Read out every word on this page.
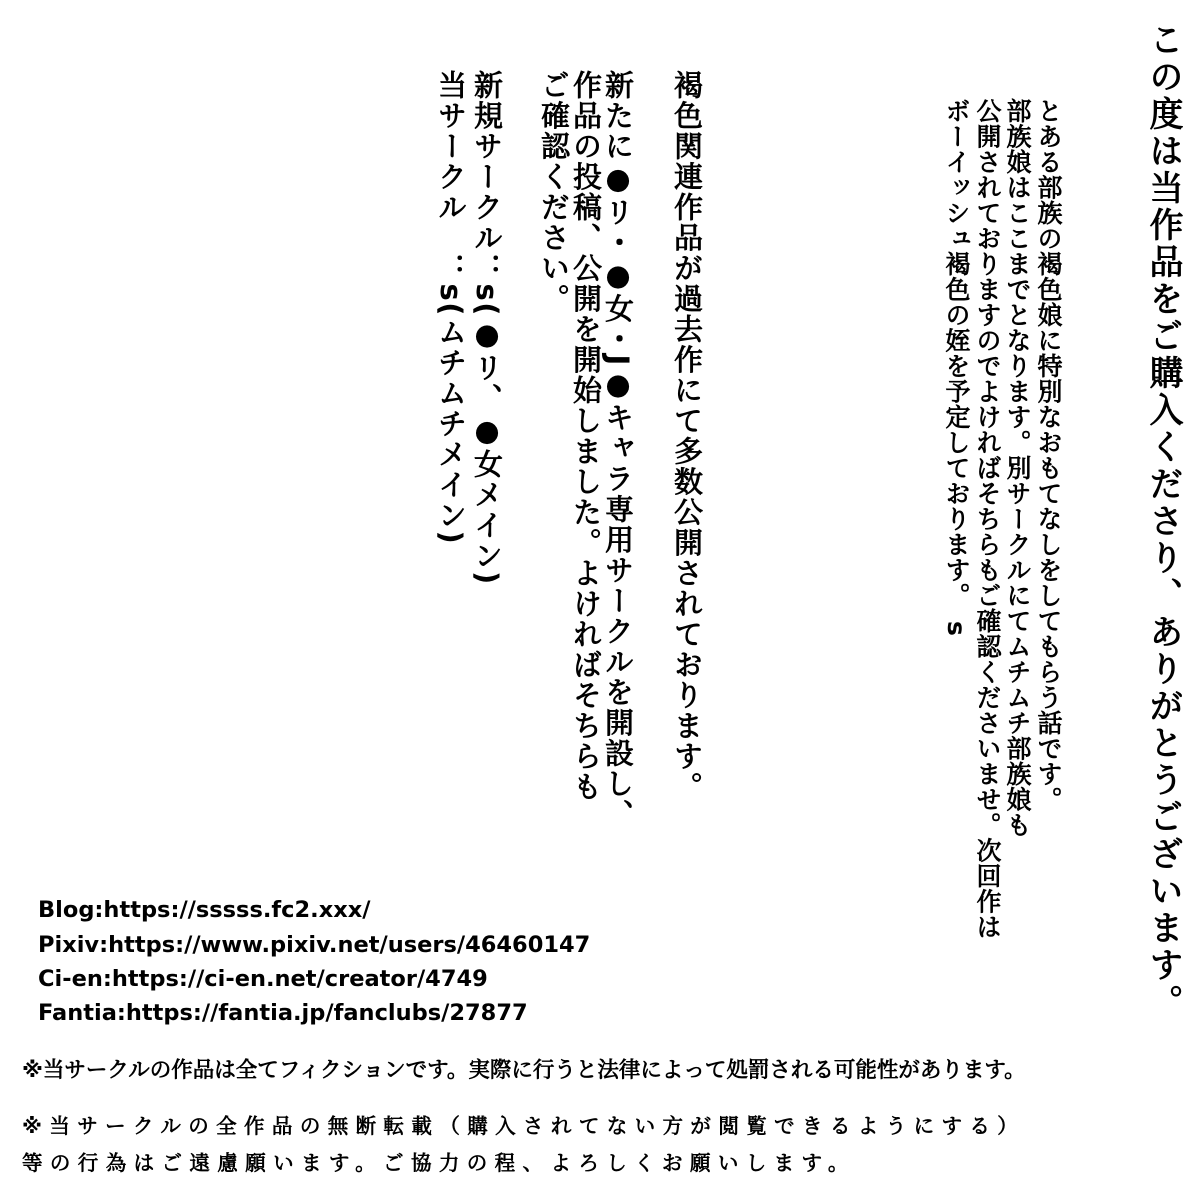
この度は当作品をご購入くださり、ありがとうございます。
とある部族の褐色娘に特別なおもてなしをしてもらう話です。
部族娘はここまでとなります。別サークルにてムチムチ部族娘も
公開されておりますのでよければそちらもご確認くださいませ。次回作は
ボーイッシュ褐色の姪を予定しております。　s
褐色関連作品が過去作にて多数公開されております。
新たに●リ・●女・J●キャラ専用サークルを開設し、
作品の投稿、公開を開始しました。よければそちらも
ご確認ください。
新規サークル：s(●リ、●女メイン)
当サークル　：s(ムチムチメイン)
Blog:https://sssss.fc2.xxx/
Pixiv:https://www.pixiv.net/users/46460147
Ci-en:https://ci-en.net/creator/4749
Fantia:https://fantia.jp/fanclubs/27877
※当サークルの作品は全てフィクションです。実際に行うと法律によって処罰される可能性があります。
※当サークルの全作品の無断転載（購入されてない方が閲覧できるようにする）
等の行為はご遠慮願います。ご協力の程、よろしくお願いします。
